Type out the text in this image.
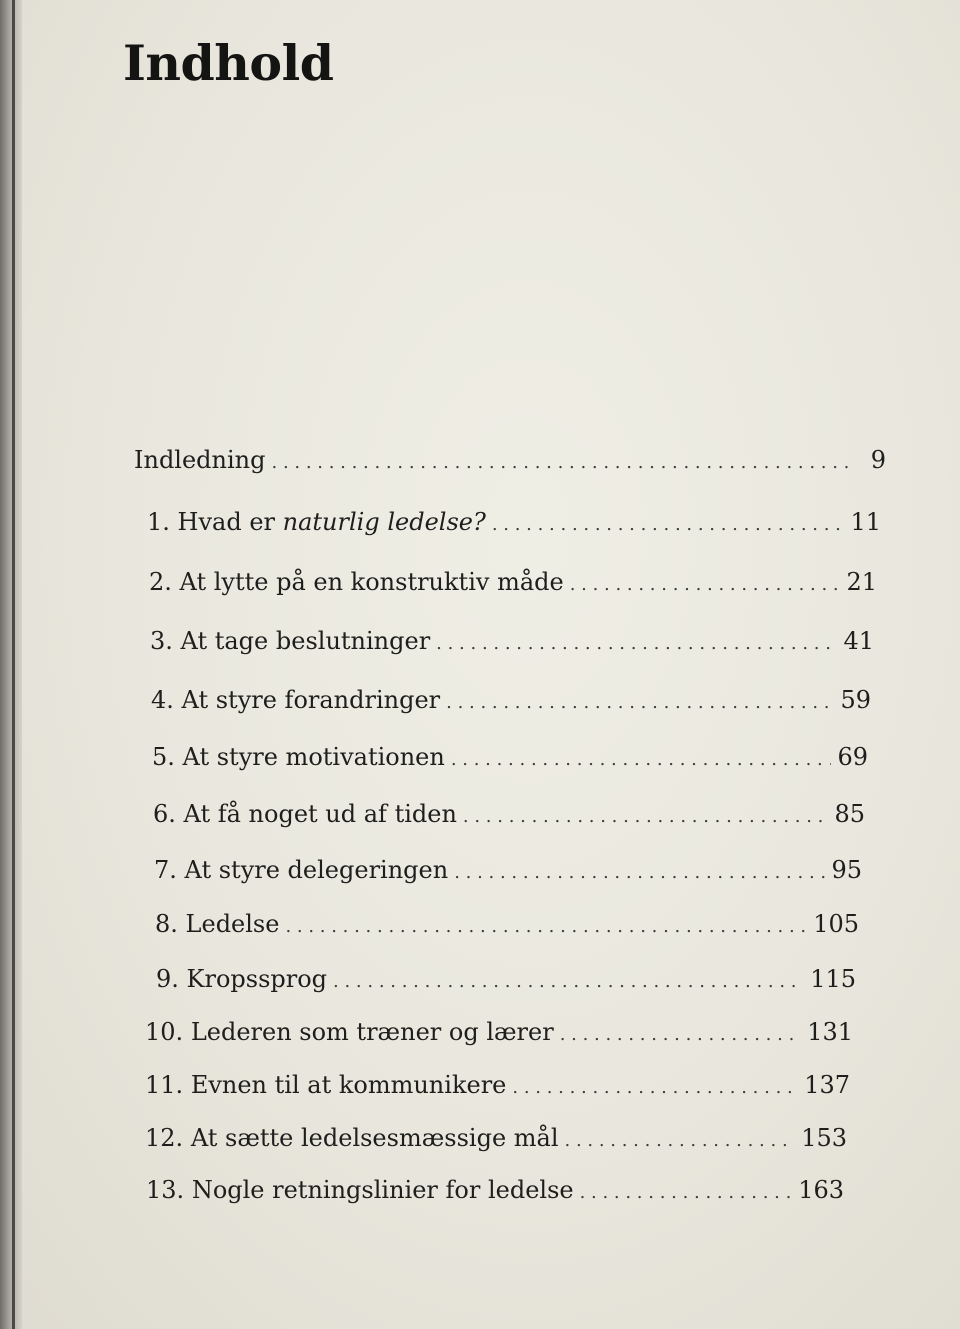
Indhold
Indledning . . .	9
1. Hvad er naturlig ledelse? . . .	11
2. At lytte på en konstruktiv måde . . .	21
3. At tage beslutninger . . .	41
4. At styre forandringer . . .	59
5. At styre motivationen . . .	69
6. At få noget ud af tiden . . .	85
7. At styre delegeringen . . .	95
8. Ledelse . . .	105
9. Kropssprog . . .	115
10. Lederen som træner og lærer . . .	131
11. Evnen til at kommunikere . . .	137
12. At sætte ledelsesmæssige mål . . .	153
13. Nogle retningslinier for ledelse . . .	163
